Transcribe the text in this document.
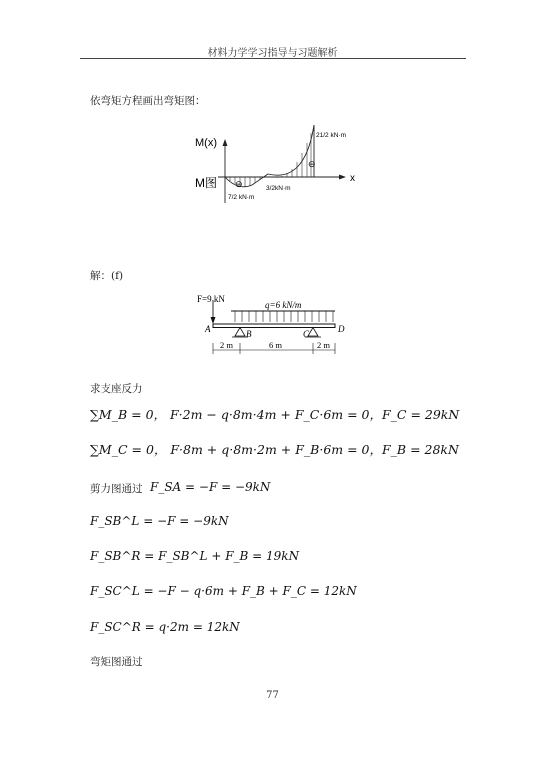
材料力学学习指导与习题解析
依弯矩方程画出弯矩图：
M(x)
x
M图
21/2 kN·m
3/2kN·m
7/2 kN·m
⊖
⊖
解：(f)
F=9 kN
q=6 kN/m
A	B	C	D
2 m	6 m	2 m
求支座反力
∑M_B = 0， F·2m − q·8m·4m + F_C·6m = 0，F_C = 29kN
∑M_C = 0， F·8m + q·8m·2m + F_B·6m = 0，F_B = 28kN
剪力图通过 F_SA = −F = −9kN
F_SB^L = −F = −9kN
F_SB^R = F_SB^L + F_B = 19kN
F_SC^L = −F − q·6m + F_B + F_C = 12kN
F_SC^R = q·2m = 12kN
弯矩图通过
77
